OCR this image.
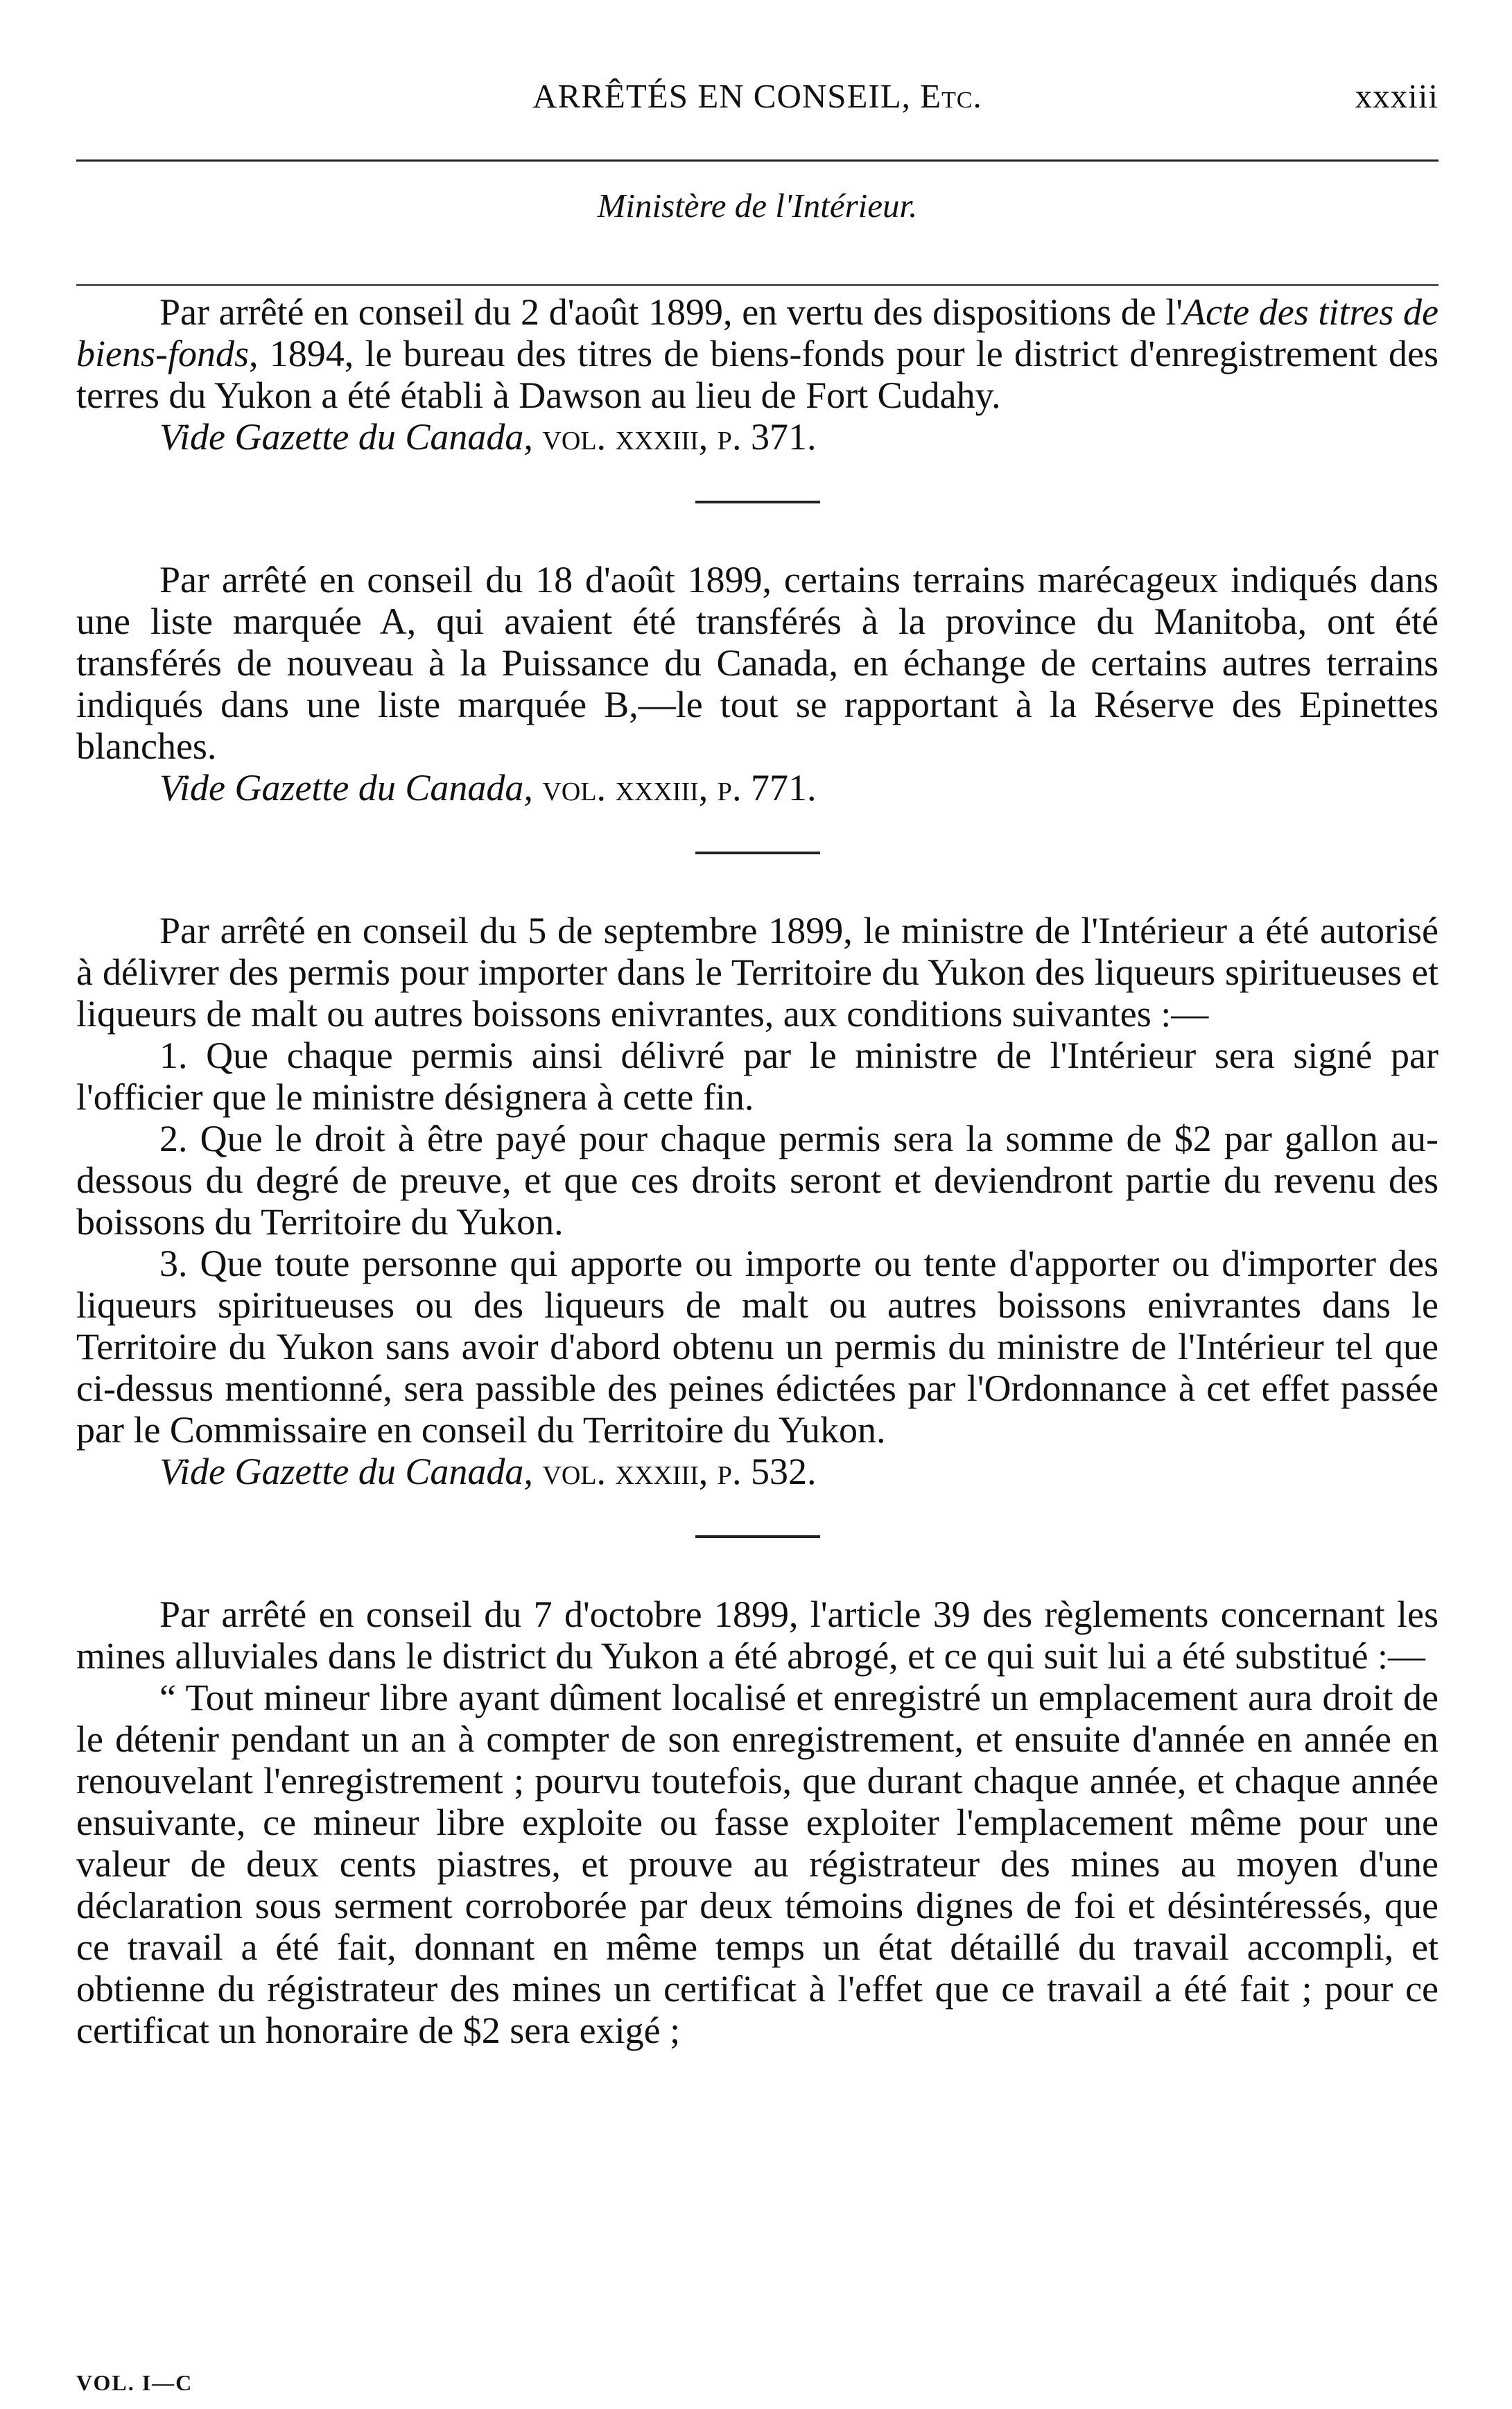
ARRÊTÉS EN CONSEIL, Etc.	xxxiii
Ministère de l'Intérieur.

Par arrêté en conseil du 2 d'août 1899, en vertu des dispositions de l'Acte des titres de biens-fonds, 1894, le bureau des titres de biens-fonds pour le district d'enregistrement des terres du Yukon a été établi à Dawson au lieu de Fort Cudahy.

Vide Gazette du Canada, vol. xxxiii, p. 371.

Par arrêté en conseil du 18 d'août 1899, certains terrains marécageux indiqués dans une liste marquée A, qui avaient été transférés à la province du Manitoba, ont été transférés de nouveau à la Puissance du Canada, en échange de certains autres terrains indiqués dans une liste marquée B,—le tout se rapportant à la Réserve des Epinettes blanches.

Vide Gazette du Canada, vol. xxxiii, p. 771.

Par arrêté en conseil du 5 de septembre 1899, le ministre de l'Intérieur a été autorisé à délivrer des permis pour importer dans le Territoire du Yukon des liqueurs spiritueuses et liqueurs de malt ou autres boissons enivrantes, aux conditions suivantes :—

1. Que chaque permis ainsi délivré par le ministre de l'Intérieur sera signé par l'officier que le ministre désignera à cette fin.

2. Que le droit à être payé pour chaque permis sera la somme de $2 par gallon au-dessous du degré de preuve, et que ces droits seront et deviendront partie du revenu des boissons du Territoire du Yukon.

3. Que toute personne qui apporte ou importe ou tente d'apporter ou d'importer des liqueurs spiritueuses ou des liqueurs de malt ou autres boissons enivrantes dans le Territoire du Yukon sans avoir d'abord obtenu un permis du ministre de l'Intérieur tel que ci-dessus mentionné, sera passible des peines édictées par l'Ordonnance à cet effet passée par le Commissaire en conseil du Territoire du Yukon.

Vide Gazette du Canada, vol. xxxiii, p. 532.

Par arrêté en conseil du 7 d'octobre 1899, l'article 39 des règlements concernant les mines alluviales dans le district du Yukon a été abrogé, et ce qui suit lui a été substitué :—

“ Tout mineur libre ayant dûment localisé et enregistré un emplacement aura droit de le détenir pendant un an à compter de son enregistrement, et ensuite d'année en année en renouvelant l'enregistrement ; pourvu toutefois, que durant chaque année, et chaque année ensuivante, ce mineur libre exploite ou fasse exploiter l'emplacement même pour une valeur de deux cents piastres, et prouve au régistrateur des mines au moyen d'une déclaration sous serment corroborée par deux témoins dignes de foi et désintéressés, que ce travail a été fait, donnant en même temps un état détaillé du travail accompli, et obtienne du régistrateur des mines un certificat à l'effet que ce travail a été fait ; pour ce certificat un honoraire de $2 sera exigé ;

VOL. I—C
